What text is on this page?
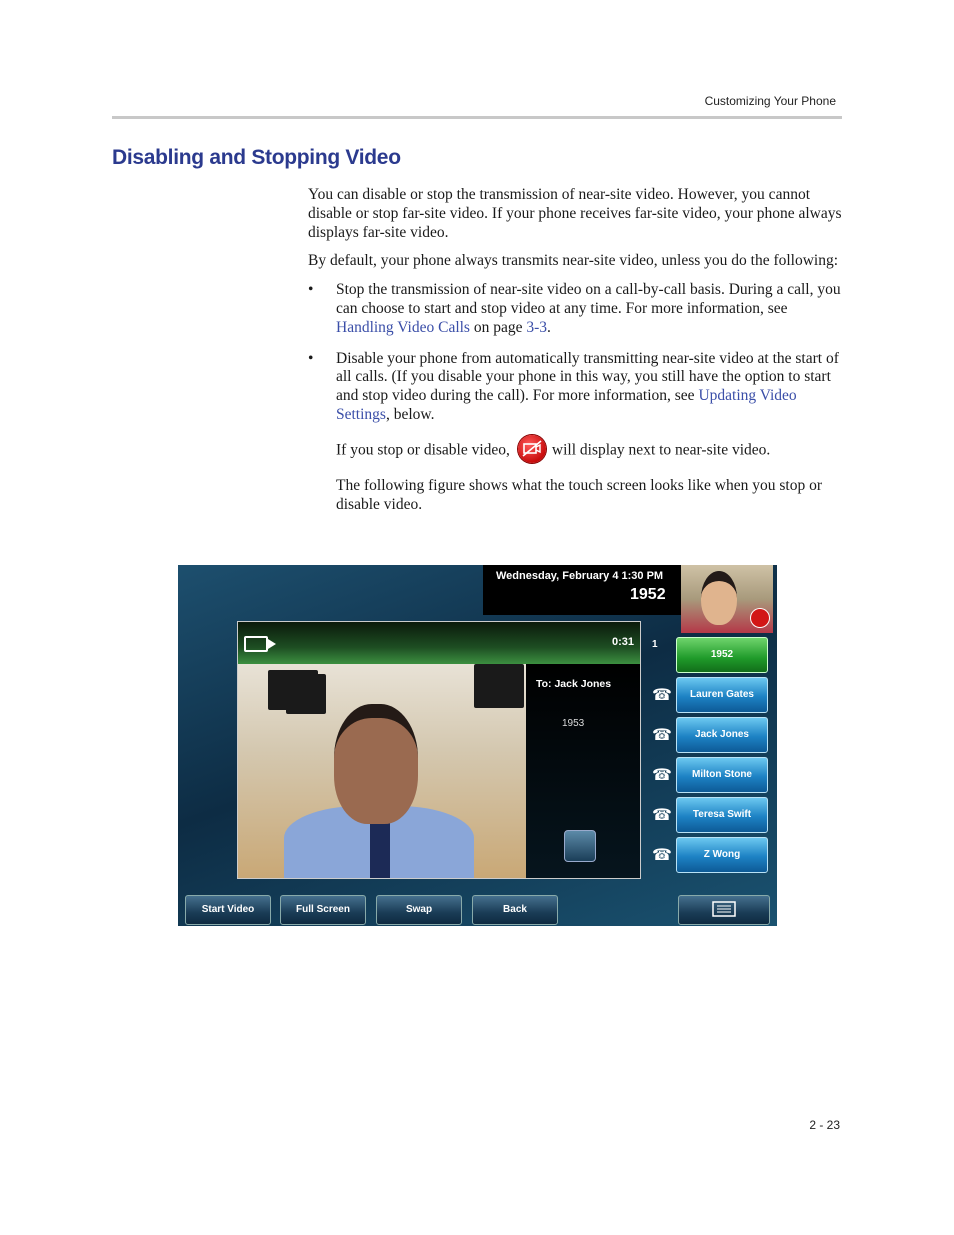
Customizing Your Phone
Disabling and Stopping Video

You can disable or stop the transmission of near-site video. However, you cannot disable or stop far-site video. If your phone receives far-site video, your phone always displays far-site video.

By default, your phone always transmits near-site video, unless you do the following:

• Stop the transmission of near-site video on a call-by-call basis. During a call, you can choose to start and stop video at any time. For more information, see Handling Video Calls on page 3-3.
• Disable your phone from automatically transmitting near-site video at the start of all calls. (If you disable your phone in this way, you still have the option to start and stop video during the call). For more information, see Updating Video Settings, below.

If you stop or disable video,	will display next to near-site video.

The following figure shows what the touch screen looks like when you stop or disable video.

Wednesday, February 4 1:30 PM
1952
0:31
To: Jack Jones
1953
1
1952
☎	Lauren Gates
☎	Jack Jones
☎	Milton Stone
☎	Teresa Swift
☎	Z Wong
Start Video	Full Screen	Swap	Back
2 - 23
